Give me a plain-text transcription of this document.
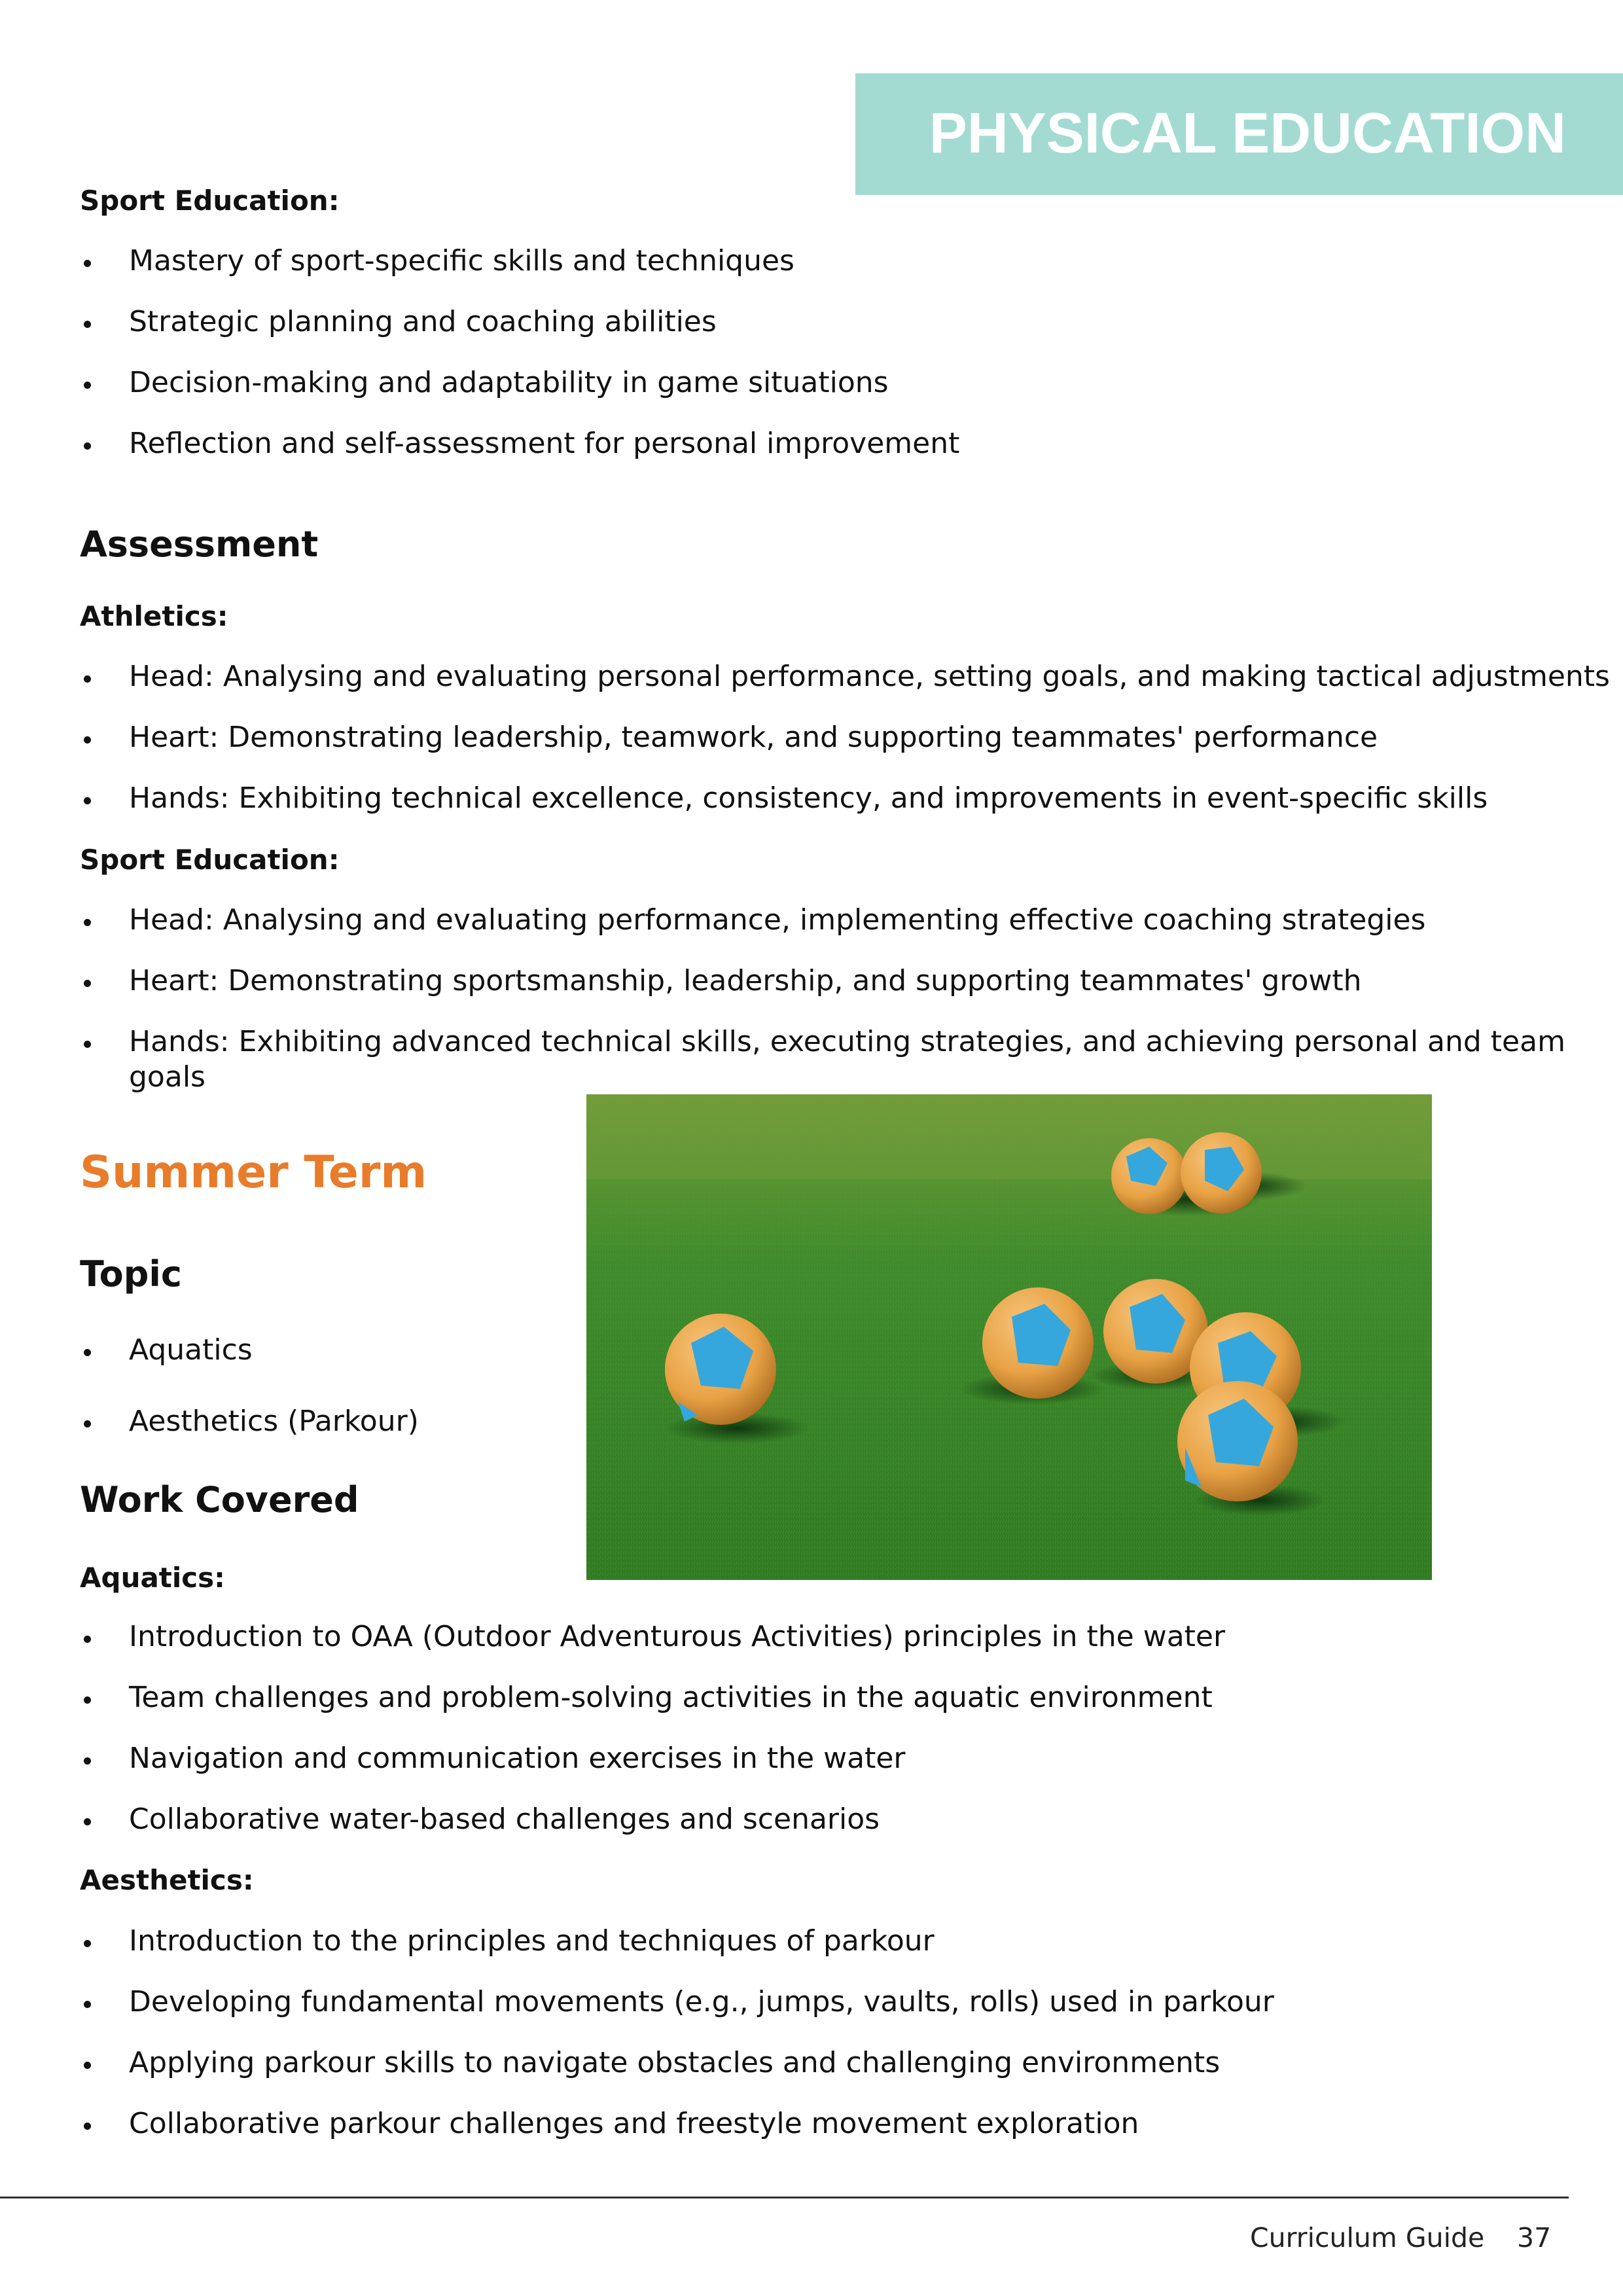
PHYSICAL EDUCATION
Sport Education:
Mastery of sport-specific skills and techniques
Strategic planning and coaching abilities
Decision-making and adaptability in game situations
Reflection and self-assessment for personal improvement
Assessment
Athletics:
Head: Analysing and evaluating personal performance, setting goals, and making tactical adjustments
Heart: Demonstrating leadership, teamwork, and supporting teammates' performance
Hands: Exhibiting technical excellence, consistency, and improvements in event-specific skills
Sport Education:
Head: Analysing and evaluating performance, implementing effective coaching strategies
Heart: Demonstrating sportsmanship, leadership, and supporting teammates' growth
Hands: Exhibiting advanced technical skills, executing strategies, and achieving personal and team
goals
Summer Term
Topic
Aquatics
Aesthetics (Parkour)
Work Covered
Aquatics:
Introduction to OAA (Outdoor Adventurous Activities) principles in the water
Team challenges and problem-solving activities in the aquatic environment
Navigation and communication exercises in the water
Collaborative water-based challenges and scenarios
Aesthetics:
Introduction to the principles and techniques of parkour
Developing fundamental movements (e.g., jumps, vaults, rolls) used in parkour
Applying parkour skills to navigate obstacles and challenging environments
Collaborative parkour challenges and freestyle movement exploration
Curriculum Guide 37
